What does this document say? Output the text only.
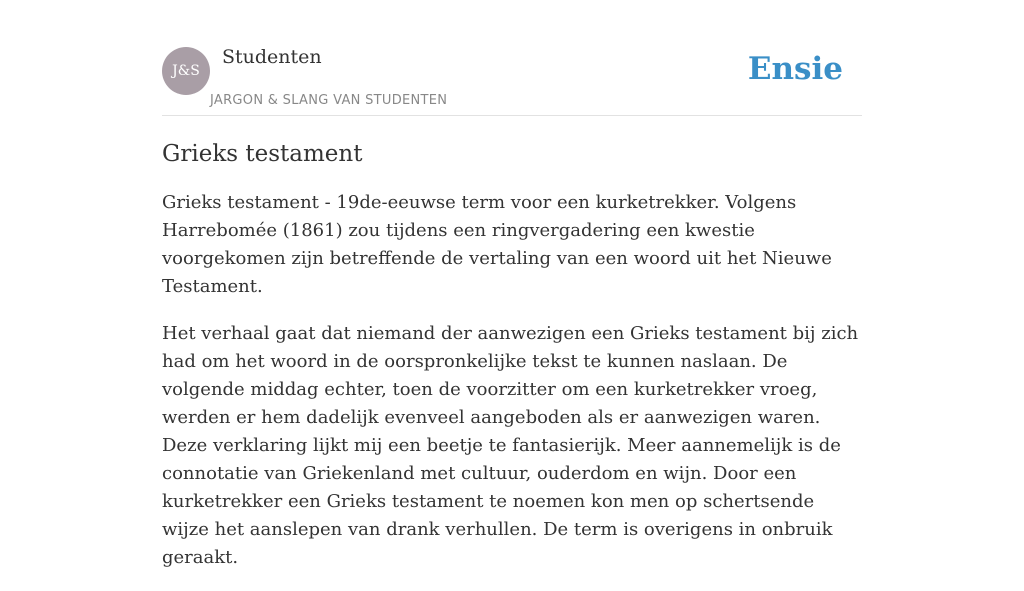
J&S
Studenten
JARGON & SLANG VAN STUDENTEN
Ensie
Grieks testament

Grieks testament - 19de-eeuwse term voor een kurketrekker. Volgens Harrebomée (1861) zou tijdens een ringvergadering een kwestie voorgekomen zijn betreffende de vertaling van een woord uit het Nieuwe Testament.

Het verhaal gaat dat niemand der aanwezigen een Grieks testament bij zich had om het woord in de oorspronkelijke tekst te kunnen naslaan. De volgende middag echter, toen de voorzitter om een kurketrekker vroeg, werden er hem dadelijk evenveel aangeboden als er aanwezigen waren.
Deze verklaring lijkt mij een beetje te fantasierijk. Meer aannemelijk is de connotatie van Griekenland met cultuur, ouderdom en wijn. Door een kurketrekker een Grieks testament te noemen kon men op schertsende wijze het aanslepen van drank verhullen. De term is overigens in onbruik geraakt.
